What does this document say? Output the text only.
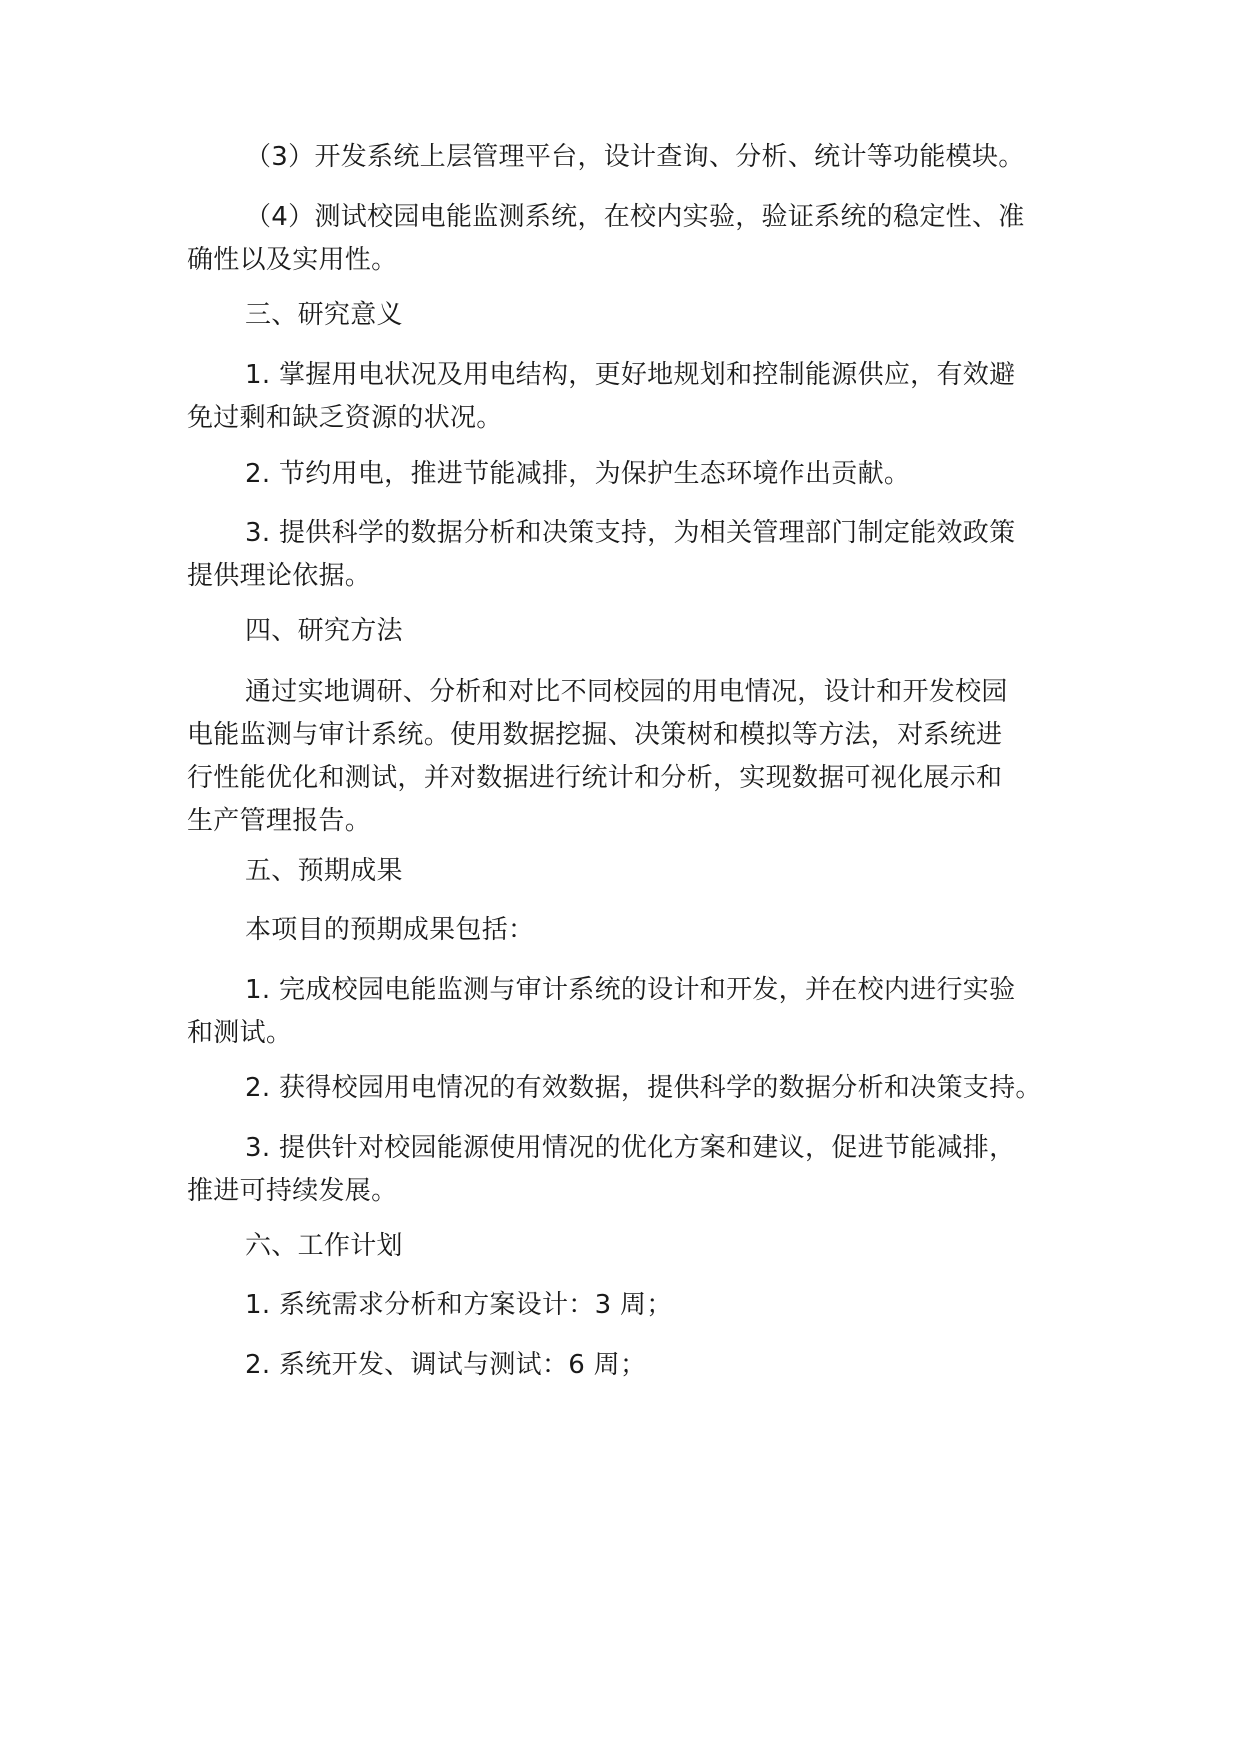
（3）开发系统上层管理平台，设计查询、分析、统计等功能模块。

（4）测试校园电能监测系统，在校内实验，验证系统的稳定性、准
确性以及实用性。

三、研究意义

1. 掌握用电状况及用电结构，更好地规划和控制能源供应，有效避
免过剩和缺乏资源的状况。

2. 节约用电，推进节能减排，为保护生态环境作出贡献。

3. 提供科学的数据分析和决策支持，为相关管理部门制定能效政策
提供理论依据。

四、研究方法

通过实地调研、分析和对比不同校园的用电情况，设计和开发校园
电能监测与审计系统。使用数据挖掘、决策树和模拟等方法，对系统进
行性能优化和测试，并对数据进行统计和分析，实现数据可视化展示和
生产管理报告。

五、预期成果

本项目的预期成果包括：

1. 完成校园电能监测与审计系统的设计和开发，并在校内进行实验
和测试。

2. 获得校园用电情况的有效数据，提供科学的数据分析和决策支持。

3. 提供针对校园能源使用情况的优化方案和建议，促进节能减排，
推进可持续发展。

六、工作计划

1. 系统需求分析和方案设计：3 周；

2. 系统开发、调试与测试：6 周；
